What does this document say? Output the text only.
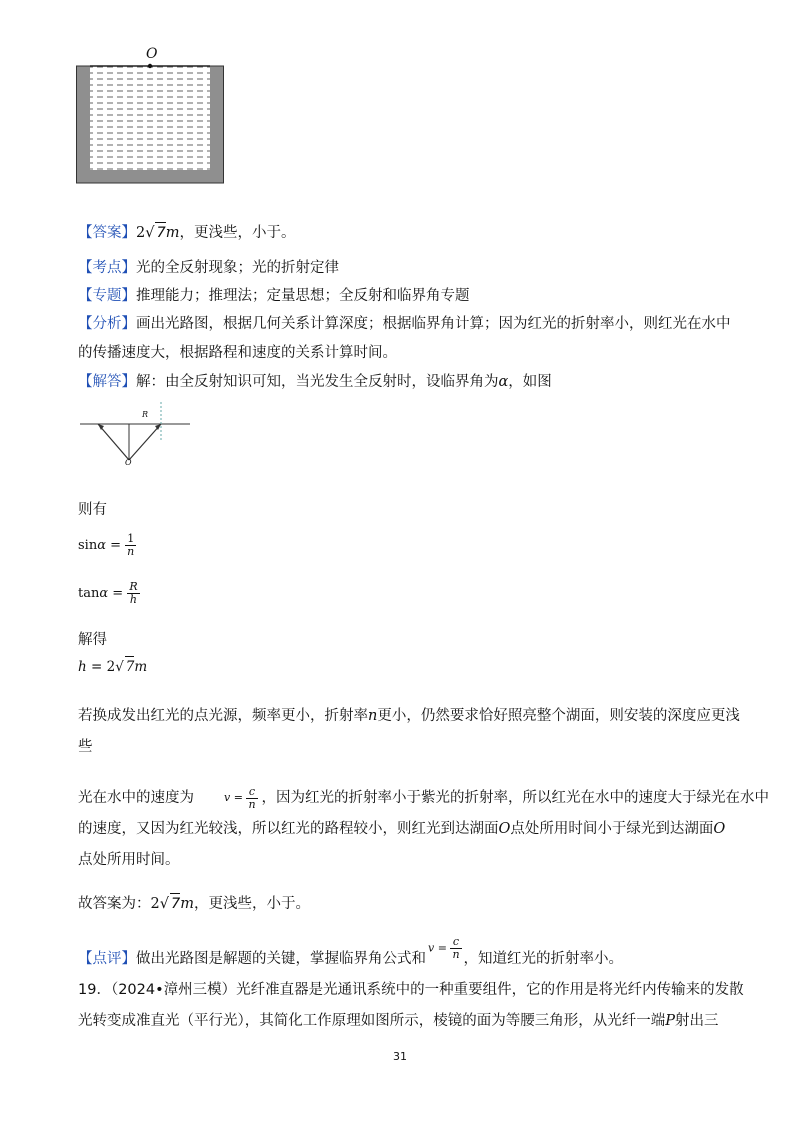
O
【答案】2√ 7m，更浅些，小于。
【考点】光的全反射现象；光的折射定律
【专题】推理能力；推理法；定量思想；全反射和临界角专题
【分析】画出光路图，根据几何关系计算深度；根据临界角计算；因为红光的折射率小，则红光在水中
的传播速度大，根据路程和速度的关系计算时间。
【解答】解：由全反射知识可知，当光发生全反射时，设临界角为α，如图
R
O
则有
$\sin\alpha = \frac{1}{n}$
$\tan\alpha = \frac{R}{h}$
解得
h = 2√ 7m
若换成发出红光的点光源，频率更小，折射率n更小，仍然要求恰好照亮整个湖面，则安装的深度应更浅
些
光在水中的速度为	$v = \frac{c}{n}$ ，因为红光的折射率小于紫光的折射率，所以红光在水中的速度大于绿光在水中
的速度，又因为红光较浅，所以红光的路程较小，则红光到达湖面O点处所用时间小于绿光到达湖面O
点处所用时间。
故答案为：2√ 7m，更浅些，小于。
【点评】做出光路图是解题的关键，掌握临界角公式和$v = \frac{c}{n}$ ，知道红光的折射率小。
19．（2024•漳州三模）光纤准直器是光通讯系统中的一种重要组件，它的作用是将光纤内传输来的发散
光转变成准直光（平行光），其简化工作原理如图所示，棱镜的面为等腰三角形，从光纤一端P射出三
31
